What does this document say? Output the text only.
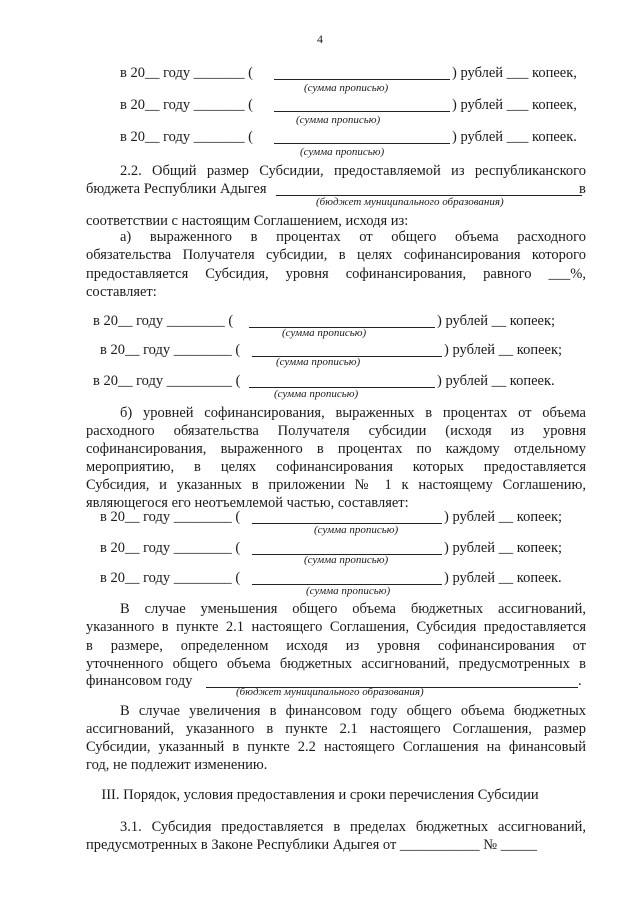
4
в 20__ году _______ (	) рублей ___ копеек,
(сумма прописью)
в 20__ году _______ (	) рублей ___ копеек,
(сумма прописью)
в 20__ году _______ (	) рублей ___ копеек.
(сумма прописью)
2.2. Общий размер Субсидии, предоставляемой из республиканского
бюджета Республики Адыгея	в
(бюджет муниципального образования)
соответствии с настоящим Соглашением, исходя из:
а) выраженного в процентах от общего объема расходного
обязательства Получателя субсидии, в целях софинансирования которого
предоставляется Субсидия, уровня софинансирования, равного ___%,
составляет:
в 20__ году ________ (	) рублей __ копеек;
(сумма прописью)
в 20__ году ________ (	) рублей __ копеек;
(сумма прописью)
в 20__ году _________ (	) рублей __ копеек.
(сумма прописью)
б) уровней софинансирования, выраженных в процентах от объема
расходного обязательства Получателя субсидии (исходя из уровня
софинансирования, выраженного в процентах по каждому отдельному
мероприятию, в целях софинансирования которых предоставляется
Субсидия, и указанных в приложении № 1 к настоящему Соглашению,
являющегося его неотъемлемой частью, составляет:
в 20__ году ________ (	) рублей __ копеек;
(сумма прописью)
в 20__ году ________ (	) рублей __ копеек;
(сумма прописью)
в 20__ году ________ (	) рублей __ копеек.
(сумма прописью)
В случае уменьшения общего объема бюджетных ассигнований,
указанного в пункте 2.1 настоящего Соглашения, Субсидия предоставляется
в размере, определенном исходя из уровня софинансирования от
уточненного общего объема бюджетных ассигнований, предусмотренных в
финансовом году	.
(бюджет муниципального образования)
В случае увеличения в финансовом году общего объема бюджетных
ассигнований, указанного в пункте 2.1 настоящего Соглашения, размер
Субсидии, указанный в пункте 2.2 настоящего Соглашения на финансовый
год, не подлежит изменению.
III. Порядок, условия предоставления и сроки перечисления Субсидии
3.1. Субсидия предоставляется в пределах бюджетных ассигнований,
предусмотренных в Законе Республики Адыгея от ___________ № _____
